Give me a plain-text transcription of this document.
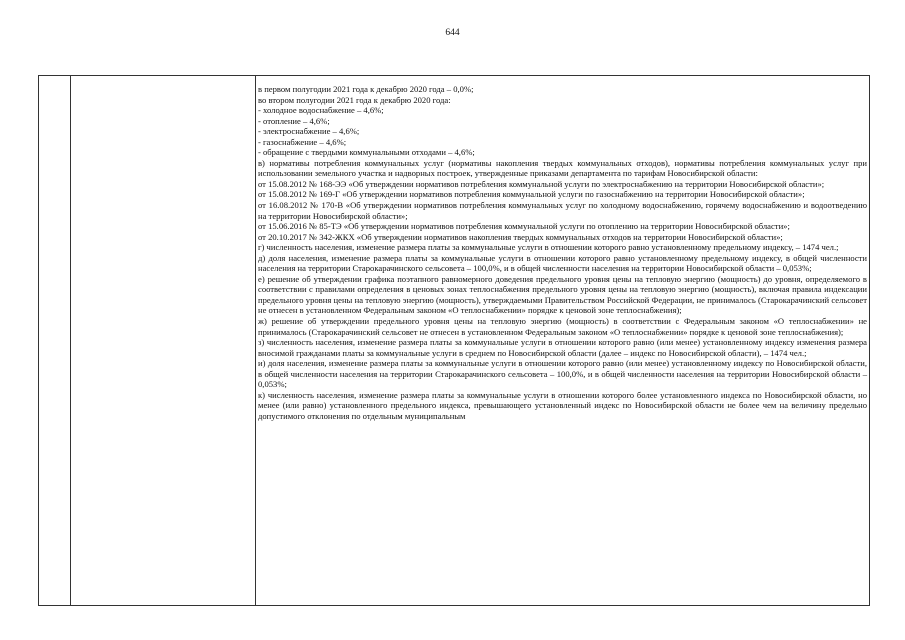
644

в первом полугодии 2021 года к декабрю 2020 года – 0,0%;

во втором полугодии 2021 года к декабрю 2020 года:

- холодное водоснабжение – 4,6%;

- отопление – 4,6%;

- электроснабжение – 4,6%;

- газоснабжение – 4,6%;

- обращение с твердыми коммунальными отходами – 4,6%;

в) нормативы потребления коммунальных услуг (нормативы накопления твердых коммунальных отходов), нормативы потребления коммунальных услуг при использовании земельного участка и надворных построек, утвержденные приказами департамента по тарифам Новосибирской области:

от 15.08.2012 № 168-ЭЭ «Об утверждении нормативов потребления коммунальной услуги по электроснабжению на территории Новосибирской области»;

от 15.08.2012 № 169-Г «Об утверждении нормативов потребления коммунальной услуги по газоснабжению на территории Новосибирской области»;

от 16.08.2012 № 170-В «Об утверждении нормативов потребления коммунальных услуг по холодному водоснабжению, горячему водоснабжению и водоотведению на территории Новосибирской области»;

от 15.06.2016 № 85-ТЭ «Об утверждении нормативов потребления коммунальной услуги по отоплению на территории Новосибирской области»;

от 20.10.2017 № 342-ЖКХ «Об утверждении нормативов накопления твердых коммунальных отходов на территории Новосибирской области»;

г) численность населения, изменение размера платы за коммунальные услуги в отношении которого равно установленному предельному индексу, – 1474 чел.;

д) доля населения, изменение размера платы за коммунальные услуги в отношении которого равно установленному предельному индексу, в общей численности населения на территории Старокарачинского сельсовета – 100,0%, и в общей численности населения на территории Новосибирской области – 0,053%;

е) решение об утверждении графика поэтапного равномерного доведения предельного уровня цены на тепловую энергию (мощность) до уровня, определяемого в соответствии с правилами определения в ценовых зонах теплоснабжения предельного уровня цены на тепловую энергию (мощность), включая правила индексации предельного уровня цены на тепловую энергию (мощность), утверждаемыми Правительством Российской Федерации, не принималось (Старокарачинский сельсовет не отнесен в установленном Федеральным законом «О теплоснабжении» порядке к ценовой зоне теплоснабжения);

ж) решение об утверждении предельного уровня цены на тепловую энергию (мощность) в соответствии с Федеральным законом «О теплоснабжении» не принималось (Старокарачинский сельсовет не отнесен в установленном Федеральным законом «О теплоснабжении» порядке к ценовой зоне теплоснабжения);

з) численность населения, изменение размера платы за коммунальные услуги в отношении которого равно (или менее) установленному индексу изменения размера вносимой гражданами платы за коммунальные услуги в среднем по Новосибирской области (далее – индекс по Новосибирской области), – 1474 чел.;

и) доля населения, изменение размера платы за коммунальные услуги в отношении которого равно (или менее) установленному индексу по Новосибирской области, в общей численности населения на территории Старокарачинского сельсовета – 100,0%, и в общей численности населения на территории Новосибирской области – 0,053%;

к) численность населения, изменение размера платы за коммунальные услуги в отношении которого более установленного индекса по Новосибирской области, но менее (или равно) установленного предельного индекса, превышающего установленный индекс по Новосибирской области не более чем на величину предельно допустимого отклонения по отдельным муниципальным
